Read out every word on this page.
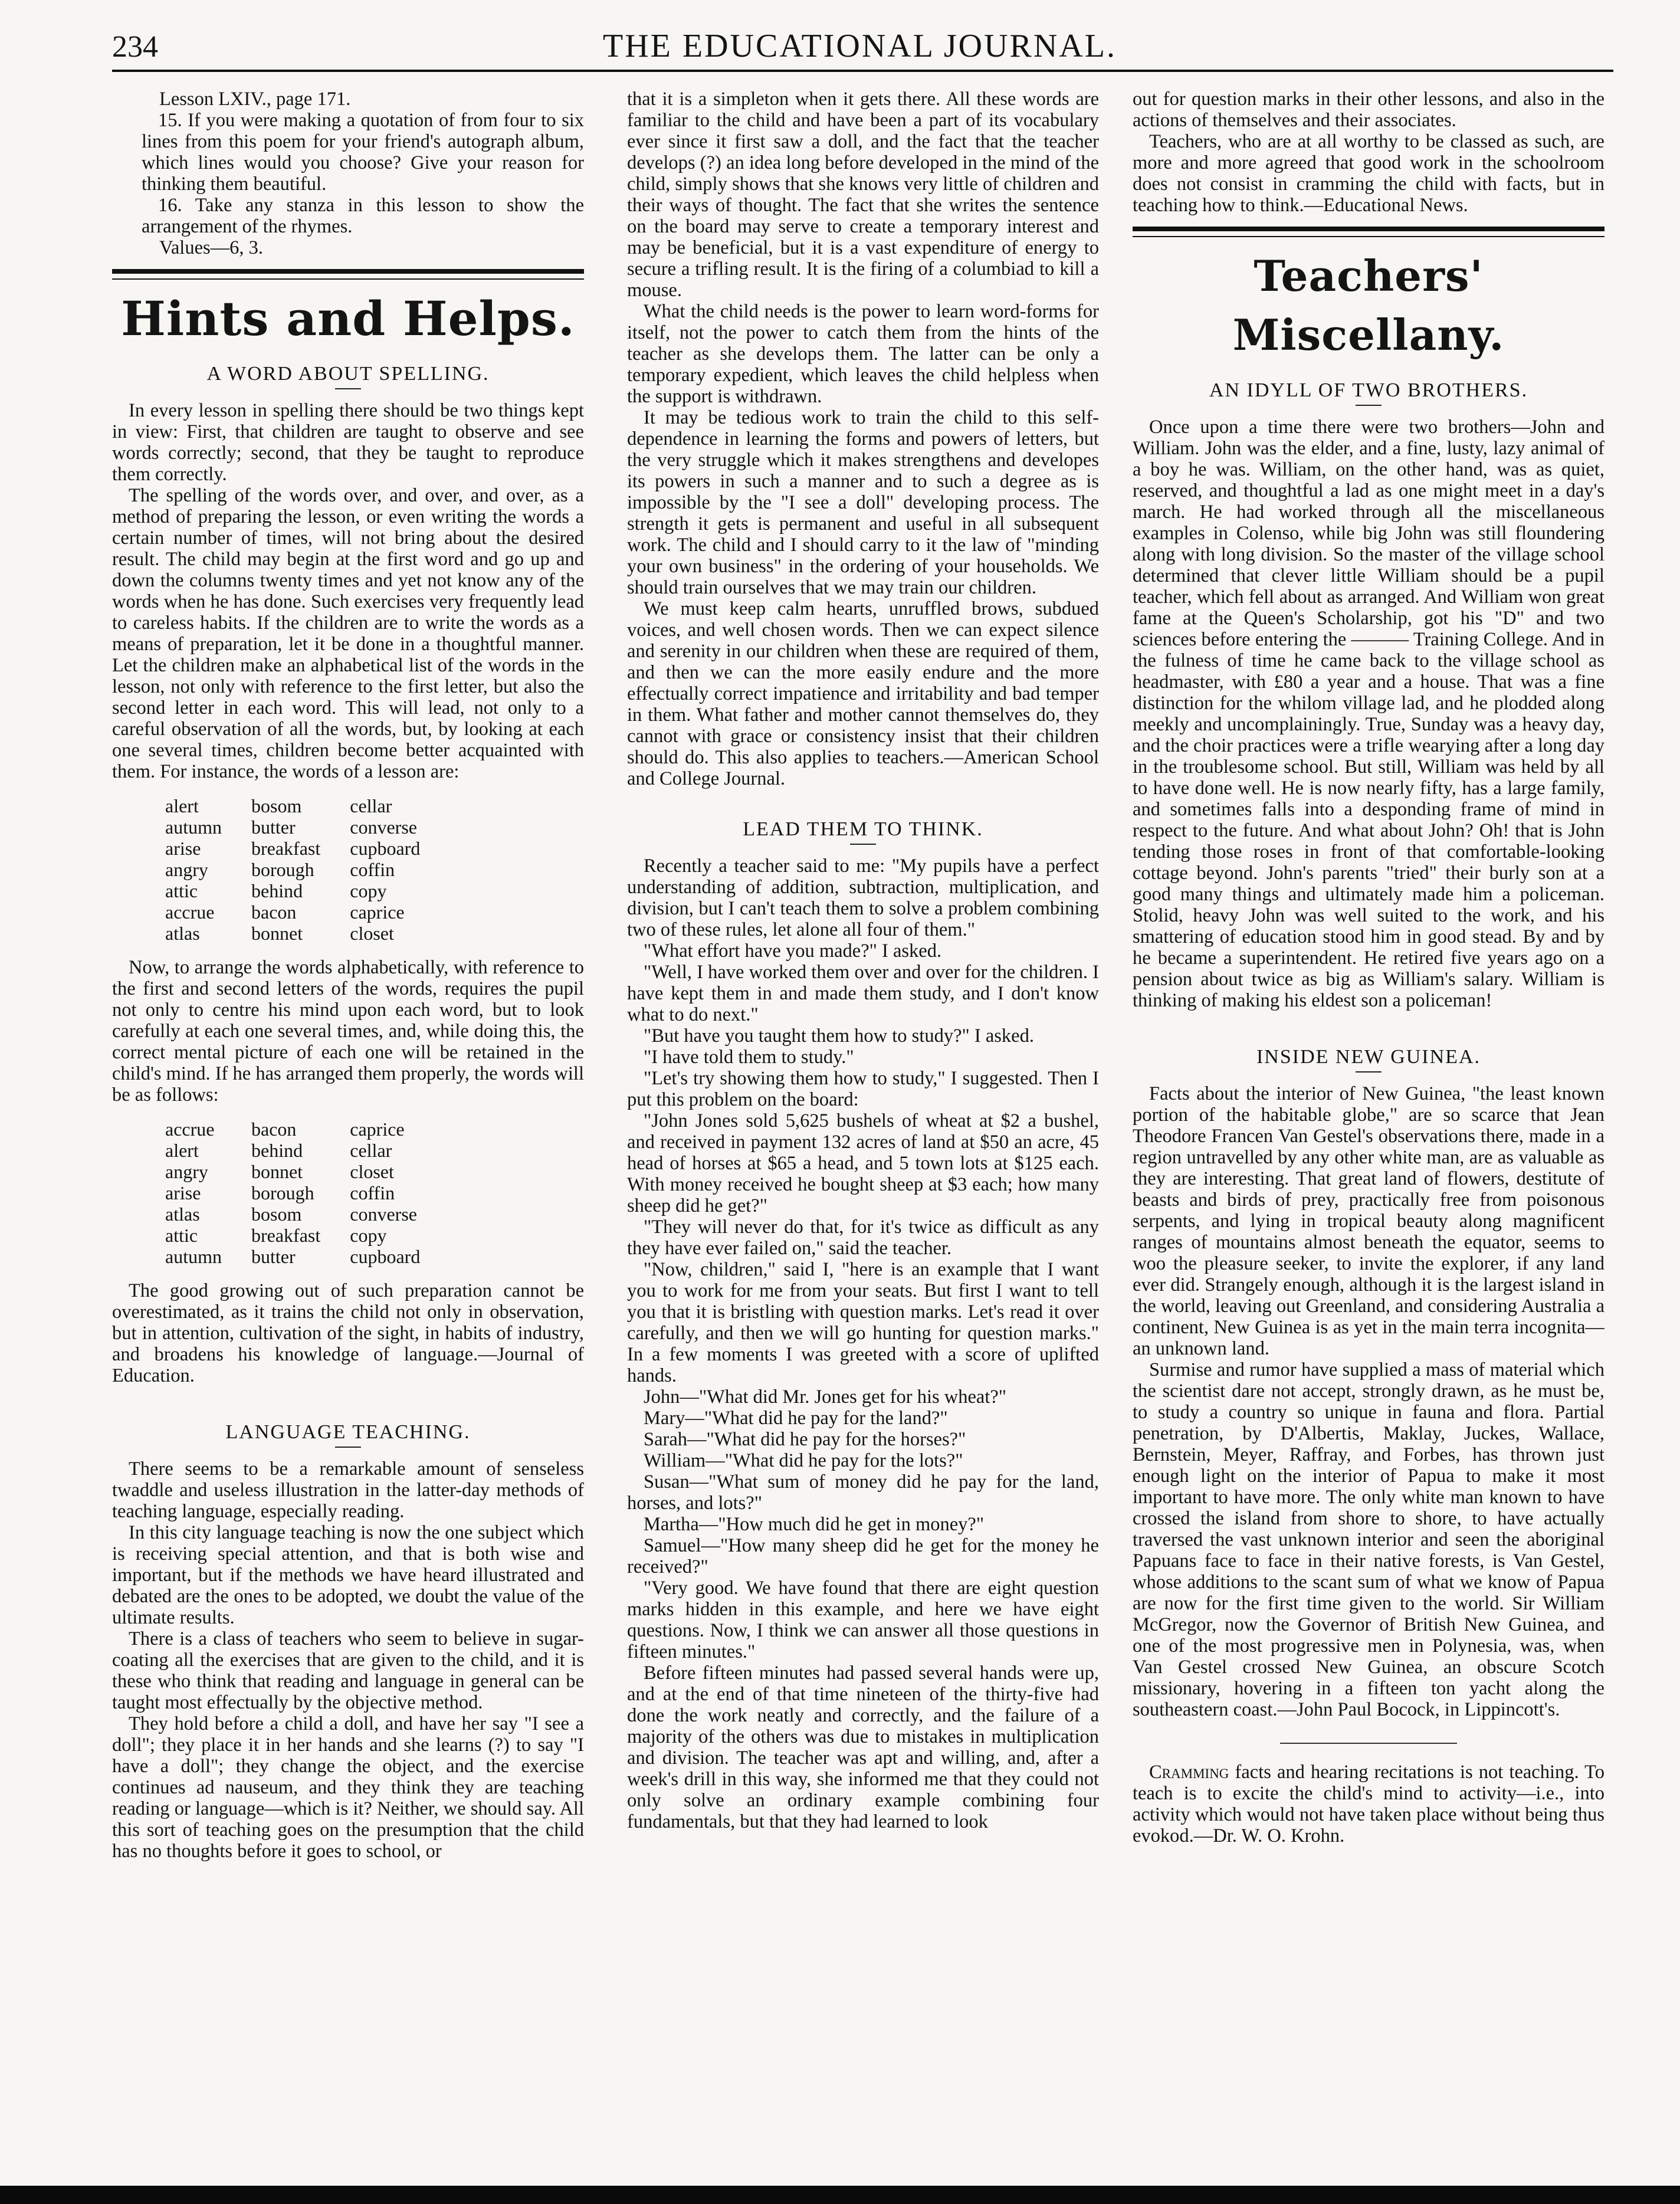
234	THE EDUCATIONAL JOURNAL.

Lesson LXIV., page 171.

15. If you were making a quotation of from four to six lines from this poem for your friend's autograph album, which lines would you choose? Give your reason for thinking them beautiful.

16. Take any stanza in this lesson to show the arrangement of the rhymes.

Values—6, 3.

Hints and Helps.
A WORD ABOUT SPELLING.

In every lesson in spelling there should be two things kept in view: First, that children are taught to observe and see words correctly; second, that they be taught to reproduce them correctly.

The spelling of the words over, and over, and over, as a method of preparing the lesson, or even writing the words a certain number of times, will not bring about the desired result. The child may begin at the first word and go up and down the columns twenty times and yet not know any of the words when he has done. Such exercises very frequently lead to careless habits. If the children are to write the words as a means of preparation, let it be done in a thoughtful manner. Let the children make an alphabetical list of the words in the lesson, not only with reference to the first letter, but also the second letter in each word. This will lead, not only to a careful observation of all the words, but, by looking at each one several times, children become better acquainted with them. For instance, the words of a lesson are:

alert	bosom	cellar
autumn	butter	converse
arise	breakfast	cupboard
angry	borough	coffin
attic	behind	copy
accrue	bacon	caprice
atlas	bonnet	closet

Now, to arrange the words alphabetically, with reference to the first and second letters of the words, requires the pupil not only to centre his mind upon each word, but to look carefully at each one several times, and, while doing this, the correct mental picture of each one will be retained in the child's mind. If he has arranged them properly, the words will be as follows:

accrue	bacon	caprice
alert	behind	cellar
angry	bonnet	closet
arise	borough	coffin
atlas	bosom	converse
attic	breakfast	copy
autumn	butter	cupboard

The good growing out of such preparation cannot be overestimated, as it trains the child not only in observation, but in attention, cultivation of the sight, in habits of industry, and broadens his knowledge of language.—Journal of Education.

LANGUAGE TEACHING.

There seems to be a remarkable amount of senseless twaddle and useless illustration in the latter-day methods of teaching language, especially reading.

In this city language teaching is now the one subject which is receiving special attention, and that is both wise and important, but if the methods we have heard illustrated and debated are the ones to be adopted, we doubt the value of the ultimate results.

There is a class of teachers who seem to believe in sugar-coating all the exercises that are given to the child, and it is these who think that reading and language in general can be taught most effectually by the objective method.

They hold before a child a doll, and have her say "I see a doll"; they place it in her hands and she learns (?) to say "I have a doll"; they change the object, and the exercise continues ad nauseum, and they think they are teaching reading or language—which is it? Neither, we should say. All this sort of teaching goes on the presumption that the child has no thoughts before it goes to school, or

that it is a simpleton when it gets there. All these words are familiar to the child and have been a part of its vocabulary ever since it first saw a doll, and the fact that the teacher develops (?) an idea long before developed in the mind of the child, simply shows that she knows very little of children and their ways of thought. The fact that she writes the sentence on the board may serve to create a temporary interest and may be beneficial, but it is a vast expenditure of energy to secure a trifling result. It is the firing of a columbiad to kill a mouse.

What the child needs is the power to learn word-forms for itself, not the power to catch them from the hints of the teacher as she develops them. The latter can be only a temporary expedient, which leaves the child helpless when the support is withdrawn.

It may be tedious work to train the child to this self-dependence in learning the forms and powers of letters, but the very struggle which it makes strengthens and developes its powers in such a manner and to such a degree as is impossible by the "I see a doll" developing process. The strength it gets is permanent and useful in all subsequent work. The child and I should carry to it the law of "minding your own business" in the ordering of your households. We should train ourselves that we may train our children.

We must keep calm hearts, unruffled brows, subdued voices, and well chosen words. Then we can expect silence and serenity in our children when these are required of them, and then we can the more easily endure and the more effectually correct impatience and irritability and bad temper in them. What father and mother cannot themselves do, they cannot with grace or consistency insist that their children should do. This also applies to teachers.—American School and College Journal.

LEAD THEM TO THINK.

Recently a teacher said to me: "My pupils have a perfect understanding of addition, subtraction, multiplication, and division, but I can't teach them to solve a problem combining two of these rules, let alone all four of them."

"What effort have you made?" I asked.

"Well, I have worked them over and over for the children. I have kept them in and made them study, and I don't know what to do next."

"But have you taught them how to study?" I asked.

"I have told them to study."

"Let's try showing them how to study," I suggested. Then I put this problem on the board:

"John Jones sold 5,625 bushels of wheat at $2 a bushel, and received in payment 132 acres of land at $50 an acre, 45 head of horses at $65 a head, and 5 town lots at $125 each. With money received he bought sheep at $3 each; how many sheep did he get?"

"They will never do that, for it's twice as difficult as any they have ever failed on," said the teacher.

"Now, children," said I, "here is an example that I want you to work for me from your seats. But first I want to tell you that it is bristling with question marks. Let's read it over carefully, and then we will go hunting for question marks." In a few moments I was greeted with a score of uplifted hands.

John—"What did Mr. Jones get for his wheat?"

Mary—"What did he pay for the land?"

Sarah—"What did he pay for the horses?"

William—"What did he pay for the lots?"

Susan—"What sum of money did he pay for the land, horses, and lots?"

Martha—"How much did he get in money?"

Samuel—"How many sheep did he get for the money he received?"

"Very good. We have found that there are eight question marks hidden in this example, and here we have eight questions. Now, I think we can answer all those questions in fifteen minutes."

Before fifteen minutes had passed several hands were up, and at the end of that time nineteen of the thirty-five had done the work neatly and correctly, and the failure of a majority of the others was due to mistakes in multiplication and division. The teacher was apt and willing, and, after a week's drill in this way, she informed me that they could not only solve an ordinary example combining four fundamentals, but that they had learned to look

out for question marks in their other lessons, and also in the actions of themselves and their associates.

Teachers, who are at all worthy to be classed as such, are more and more agreed that good work in the schoolroom does not consist in cramming the child with facts, but in teaching how to think.—Educational News.

Teachers' Miscellany.
AN IDYLL OF TWO BROTHERS.

Once upon a time there were two brothers—John and William. John was the elder, and a fine, lusty, lazy animal of a boy he was. William, on the other hand, was as quiet, reserved, and thoughtful a lad as one might meet in a day's march. He had worked through all the miscellaneous examples in Colenso, while big John was still floundering along with long division. So the master of the village school determined that clever little William should be a pupil teacher, which fell about as arranged. And William won great fame at the Queen's Scholarship, got his "D" and two sciences before entering the ——— Training College. And in the fulness of time he came back to the village school as headmaster, with £80 a year and a house. That was a fine distinction for the whilom village lad, and he plodded along meekly and uncomplainingly. True, Sunday was a heavy day, and the choir practices were a trifle wearying after a long day in the troublesome school. But still, William was held by all to have done well. He is now nearly fifty, has a large family, and sometimes falls into a desponding frame of mind in respect to the future. And what about John? Oh! that is John tending those roses in front of that comfortable-looking cottage beyond. John's parents "tried" their burly son at a good many things and ultimately made him a policeman. Stolid, heavy John was well suited to the work, and his smattering of education stood him in good stead. By and by he became a superintendent. He retired five years ago on a pension about twice as big as William's salary. William is thinking of making his eldest son a policeman!

INSIDE NEW GUINEA.

Facts about the interior of New Guinea, "the least known portion of the habitable globe," are so scarce that Jean Theodore Francen Van Gestel's observations there, made in a region untravelled by any other white man, are as valuable as they are interesting. That great land of flowers, destitute of beasts and birds of prey, practically free from poisonous serpents, and lying in tropical beauty along magnificent ranges of mountains almost beneath the equator, seems to woo the pleasure seeker, to invite the explorer, if any land ever did. Strangely enough, although it is the largest island in the world, leaving out Greenland, and considering Australia a continent, New Guinea is as yet in the main terra incognita—an unknown land.

Surmise and rumor have supplied a mass of material which the scientist dare not accept, strongly drawn, as he must be, to study a country so unique in fauna and flora. Partial penetration, by D'Albertis, Maklay, Juckes, Wallace, Bernstein, Meyer, Raffray, and Forbes, has thrown just enough light on the interior of Papua to make it most important to have more. The only white man known to have crossed the island from shore to shore, to have actually traversed the vast unknown interior and seen the aboriginal Papuans face to face in their native forests, is Van Gestel, whose additions to the scant sum of what we know of Papua are now for the first time given to the world. Sir William McGregor, now the Governor of British New Guinea, and one of the most progressive men in Polynesia, was, when Van Gestel crossed New Guinea, an obscure Scotch missionary, hovering in a fifteen ton yacht along the southeastern coast.—John Paul Bocock, in Lippincott's.

Cramming facts and hearing recitations is not teaching. To teach is to excite the child's mind to activity—i.e., into activity which would not have taken place without being thus evokod.—Dr. W. O. Krohn.
